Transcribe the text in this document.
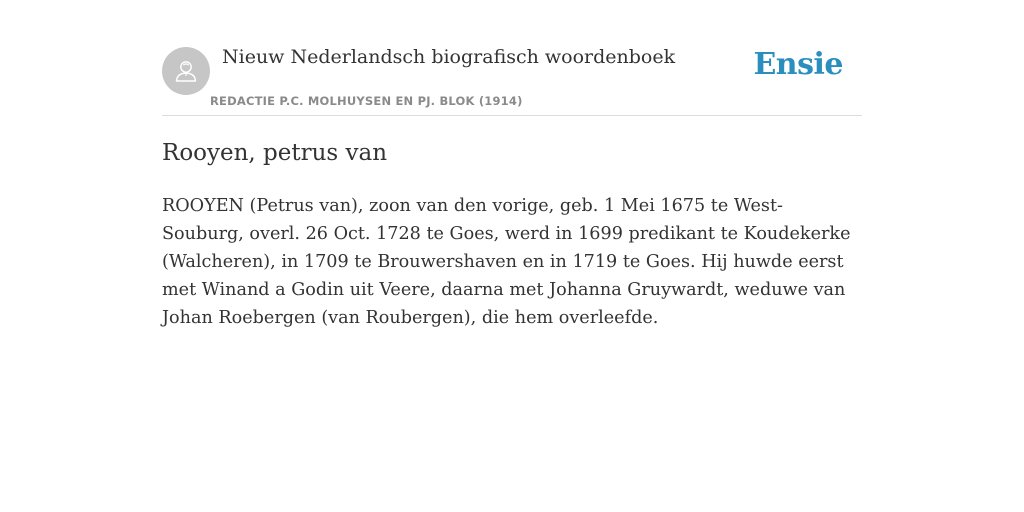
Nieuw Nederlandsch biografisch woordenboek
REDACTIE P.C. MOLHUYSEN EN PJ. BLOK (1914)
Ensie
Rooyen, petrus van

ROOYEN (Petrus van), zoon van den vorige, geb. 1 Mei 1675 te West-Souburg, overl. 26 Oct. 1728 te Goes, werd in 1699 predikant te Koudekerke (Walcheren), in 1709 te Brouwershaven en in 1719 te Goes. Hij huwde eerst met Winand a Godin uit Veere, daarna met Johanna Gruywardt, weduwe van Johan Roebergen (van Roubergen), die hem overleefde.
